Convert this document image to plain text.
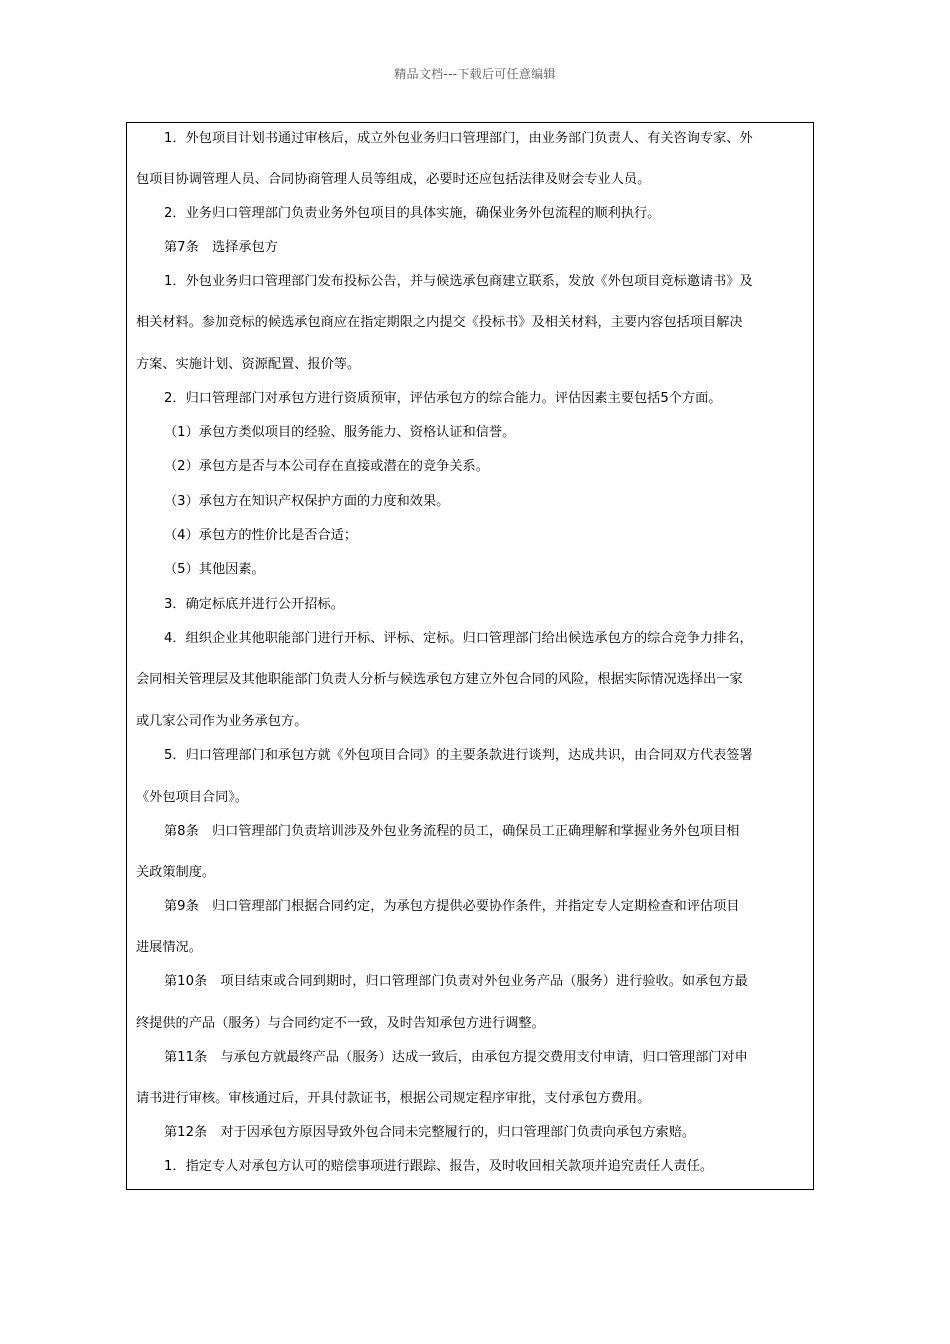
精品文档---下载后可任意编辑
1．外包项目计划书通过审核后，成立外包业务归口管理部门，由业务部门负责人、有关咨询专家、外
包项目协调管理人员、合同协商管理人员等组成，必要时还应包括法律及财会专业人员。
2．业务归口管理部门负责业务外包项目的具体实施，确保业务外包流程的顺利执行。
第7条　选择承包方
1．外包业务归口管理部门发布投标公告，并与候选承包商建立联系，发放《外包项目竞标邀请书》及
相关材料。参加竞标的候选承包商应在指定期限之内提交《投标书》及相关材料，主要内容包括项目解决
方案、实施计划、资源配置、报价等。
2．归口管理部门对承包方进行资质预审，评估承包方的综合能力。评估因素主要包括5个方面。
（1）承包方类似项目的经验、服务能力、资格认证和信誉。
（2）承包方是否与本公司存在直接或潜在的竞争关系。
（3）承包方在知识产权保护方面的力度和效果。
（4）承包方的性价比是否合适；
（5）其他因素。
3．确定标底并进行公开招标。
4．组织企业其他职能部门进行开标、评标、定标。归口管理部门给出候选承包方的综合竞争力排名，
会同相关管理层及其他职能部门负责人分析与候选承包方建立外包合同的风险，根据实际情况选择出一家
或几家公司作为业务承包方。
5．归口管理部门和承包方就《外包项目合同》的主要条款进行谈判，达成共识，由合同双方代表签署
《外包项目合同》。
第8条　归口管理部门负责培训涉及外包业务流程的员工，确保员工正确理解和掌握业务外包项目相
关政策制度。
第9条　归口管理部门根据合同约定，为承包方提供必要协作条件，并指定专人定期检查和评估项目
进展情况。
第10条　项目结束或合同到期时，归口管理部门负责对外包业务产品（服务）进行验收。如承包方最
终提供的产品（服务）与合同约定不一致，及时告知承包方进行调整。
第11条　与承包方就最终产品（服务）达成一致后，由承包方提交费用支付申请，归口管理部门对申
请书进行审核。审核通过后，开具付款证书，根据公司规定程序审批，支付承包方费用。
第12条　对于因承包方原因导致外包合同未完整履行的，归口管理部门负责向承包方索赔。
1．指定专人对承包方认可的赔偿事项进行跟踪、报告，及时收回相关款项并追究责任人责任。
